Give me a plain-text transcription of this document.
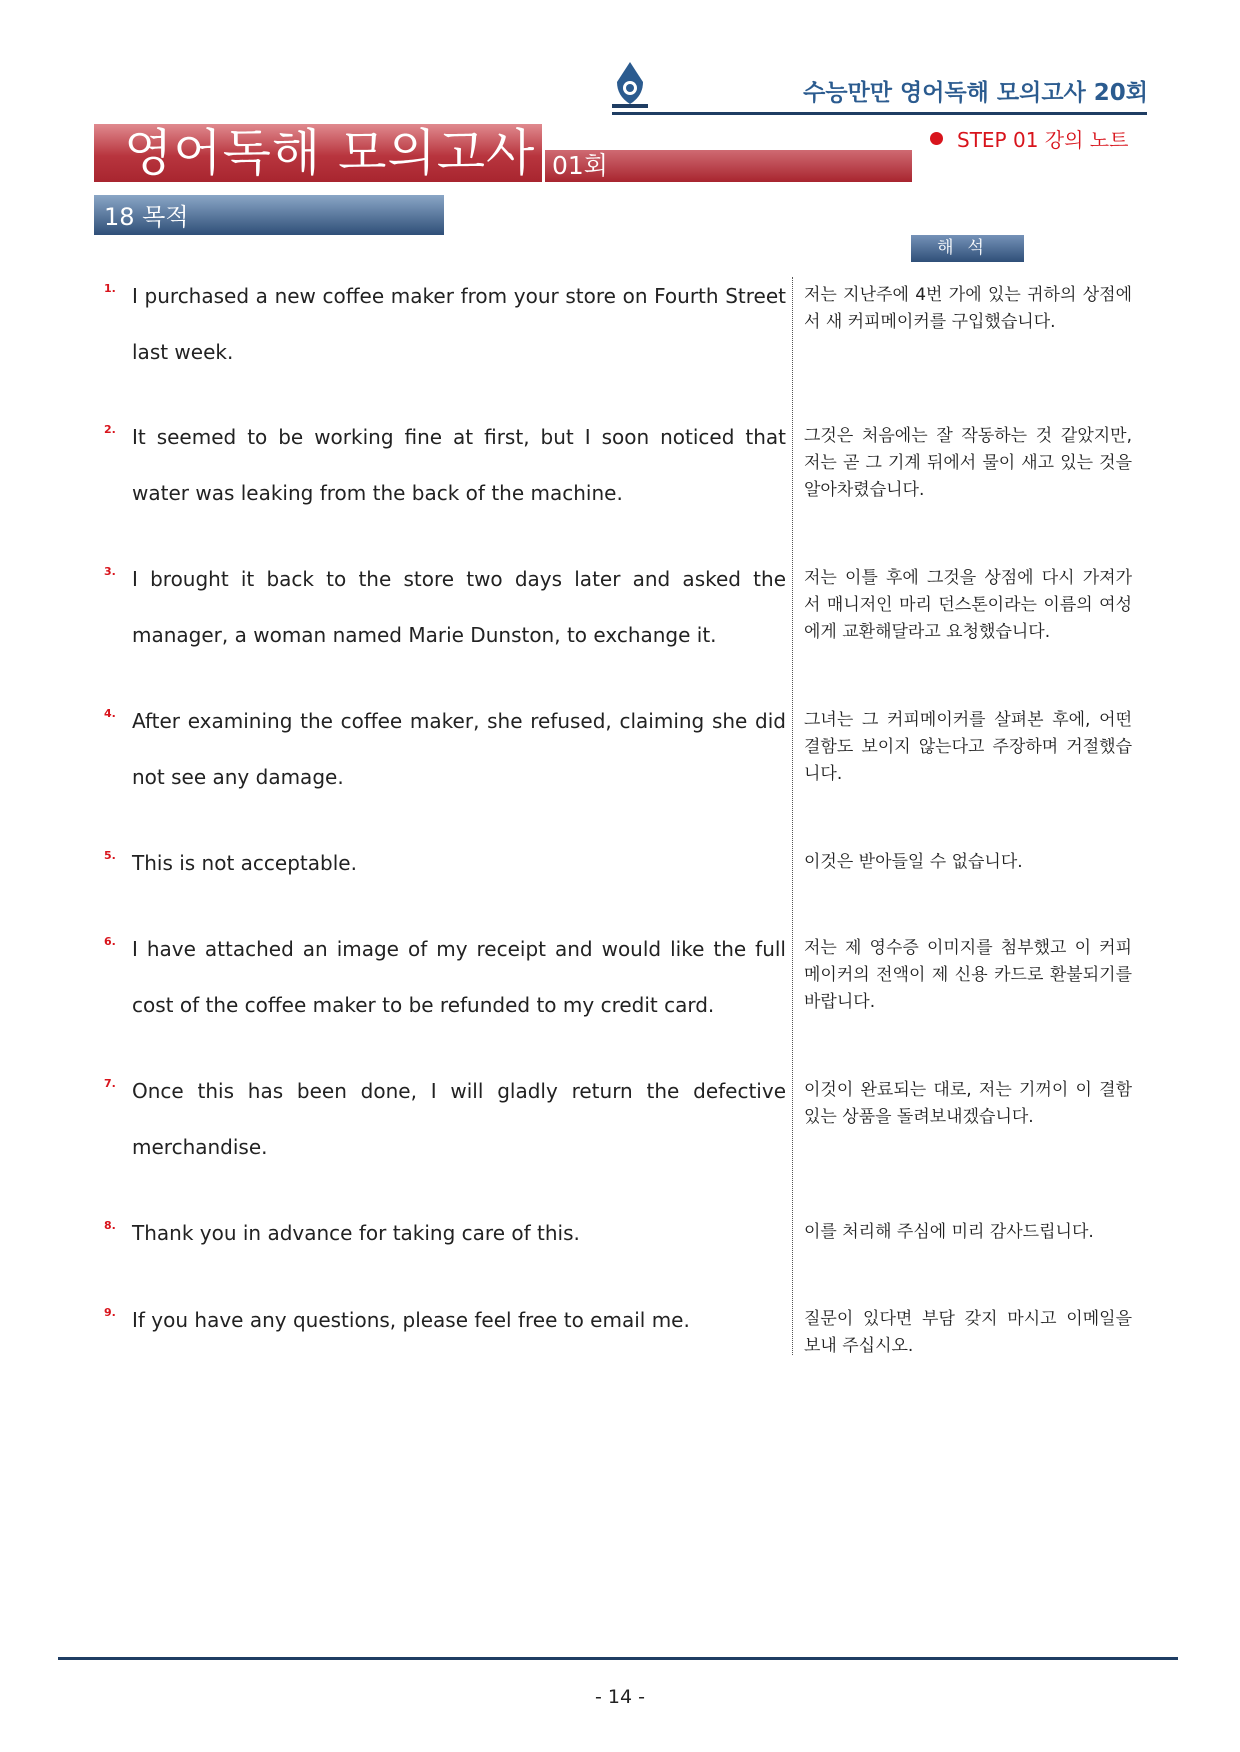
수능만만 영어독해 모의고사 20회
영어독해 모의고사 01회
STEP 01 강의 노트
18 목적
해석
1. I purchased a new coffee maker from your store on Fourth Street last week.
저는 지난주에 4번 가에 있는 귀하의 상점에서 새 커피메이커를 구입했습니다.
2. It seemed to be working fine at first, but I soon noticed that water was leaking from the back of the machine.
그것은 처음에는 잘 작동하는 것 같았지만, 저는 곧 그 기계 뒤에서 물이 새고 있는 것을 알아차렸습니다.
3. I brought it back to the store two days later and asked the manager, a woman named Marie Dunston, to exchange it.
저는 이틀 후에 그것을 상점에 다시 가져가서 매니저인 마리 던스톤이라는 이름의 여성에게 교환해달라고 요청했습니다.
4. After examining the coffee maker, she refused, claiming she did not see any damage.
그녀는 그 커피메이커를 살펴본 후에, 어떤 결함도 보이지 않는다고 주장하며 거절했습니다.
5. This is not acceptable.	이것은 받아들일 수 없습니다.
6. I have attached an image of my receipt and would like the full cost of the coffee maker to be refunded to my credit card.
저는 제 영수증 이미지를 첨부했고 이 커피메이커의 전액이 제 신용 카드로 환불되기를 바랍니다.
7. Once this has been done, I will gladly return the defective merchandise.
이것이 완료되는 대로, 저는 기꺼이 이 결함 있는 상품을 돌려보내겠습니다.
8. Thank you in advance for taking care of this.	이를 처리해 주심에 미리 감사드립니다.
9. If you have any questions, please feel free to email me.	질문이 있다면 부담 갖지 마시고 이메일을 보내 주십시오.
- 14 -
